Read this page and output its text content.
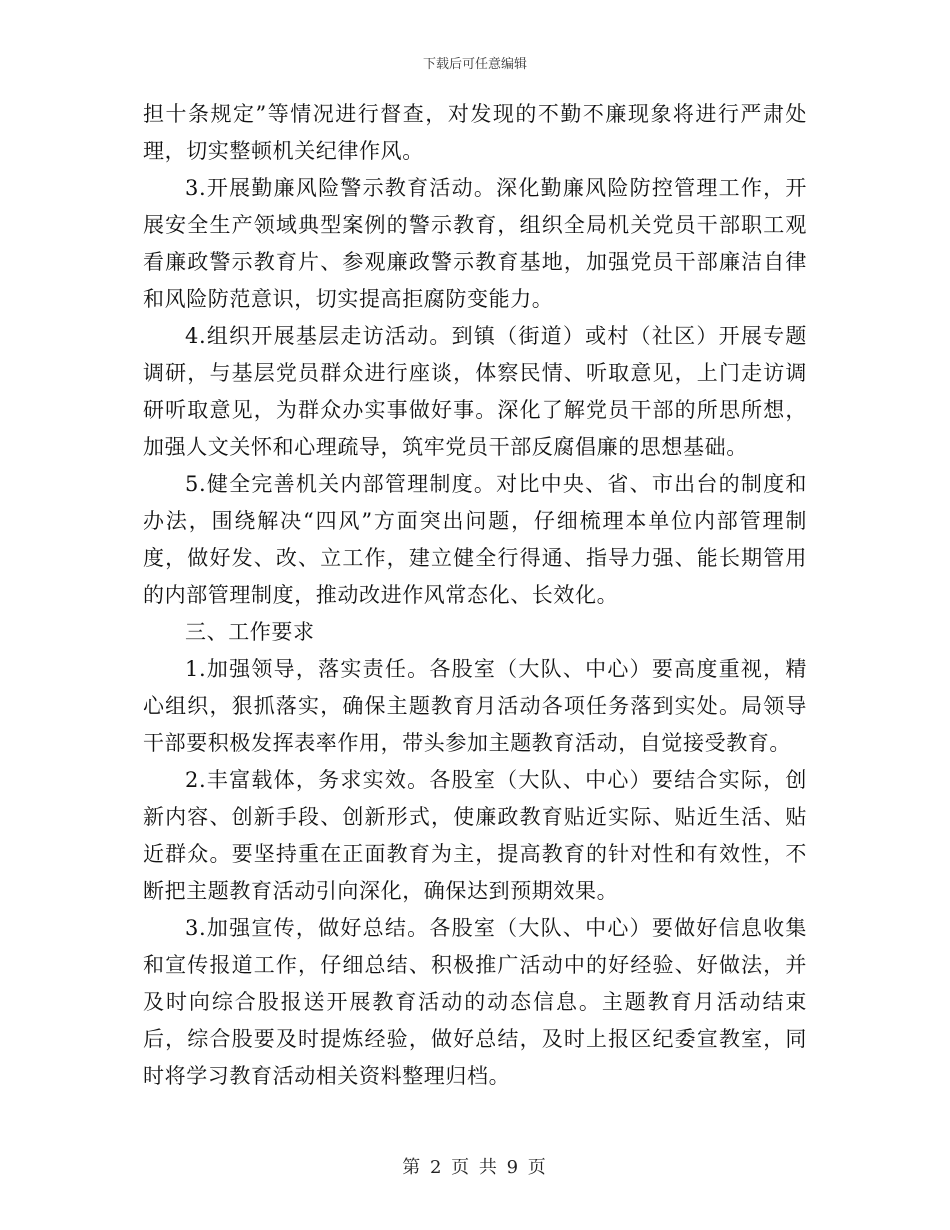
下载后可任意编辑

担十条规定”等情况进行督查，对发现的不勤不廉现象将进行严肃处理，切实整顿机关纪律作风。

3.开展勤廉风险警示教育活动。深化勤廉风险防控管理工作，开展安全生产领域典型案例的警示教育，组织全局机关党员干部职工观看廉政警示教育片、参观廉政警示教育基地，加强党员干部廉洁自律和风险防范意识，切实提高拒腐防变能力。

4.组织开展基层走访活动。到镇（街道）或村（社区）开展专题调研，与基层党员群众进行座谈，体察民情、听取意见，上门走访调研听取意见，为群众办实事做好事。深化了解党员干部的所思所想，加强人文关怀和心理疏导，筑牢党员干部反腐倡廉的思想基础。

5.健全完善机关内部管理制度。对比中央、省、市出台的制度和办法，围绕解决“四风”方面突出问题，仔细梳理本单位内部管理制度，做好发、改、立工作，建立健全行得通、指导力强、能长期管用的内部管理制度，推动改进作风常态化、长效化。

三、工作要求

1.加强领导，落实责任。各股室（大队、中心）要高度重视，精心组织，狠抓落实，确保主题教育月活动各项任务落到实处。局领导干部要积极发挥表率作用，带头参加主题教育活动，自觉接受教育。

2.丰富载体，务求实效。各股室（大队、中心）要结合实际，创新内容、创新手段、创新形式，使廉政教育贴近实际、贴近生活、贴近群众。要坚持重在正面教育为主，提高教育的针对性和有效性，不断把主题教育活动引向深化，确保达到预期效果。

3.加强宣传，做好总结。各股室（大队、中心）要做好信息收集和宣传报道工作，仔细总结、积极推广活动中的好经验、好做法，并及时向综合股报送开展教育活动的动态信息。主题教育月活动结束后，综合股要及时提炼经验，做好总结，及时上报区纪委宣教室，同时将学习教育活动相关资料整理归档。

第 2 页 共 9 页
